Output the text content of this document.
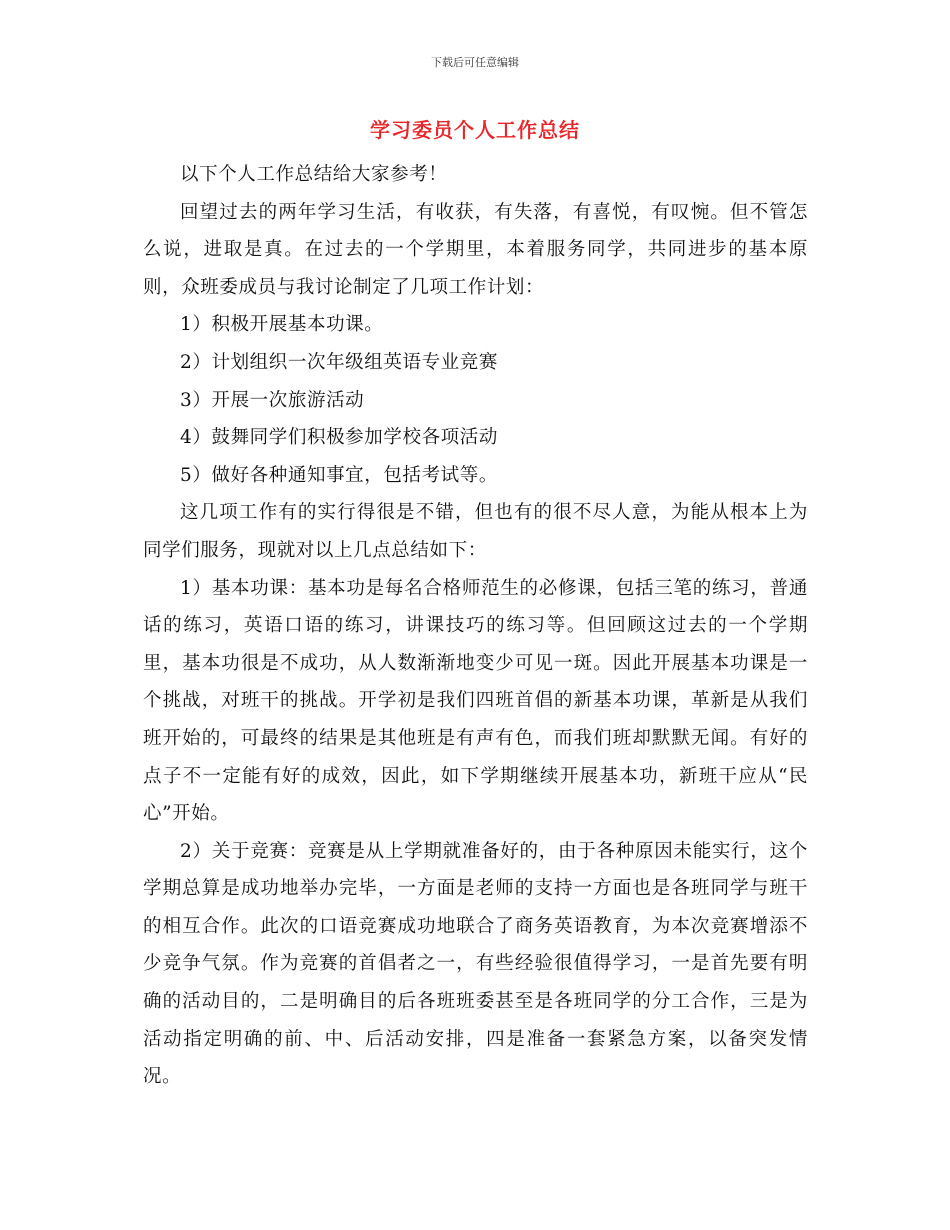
下载后可任意编辑
学习委员个人工作总结

以下个人工作总结给大家参考！

回望过去的两年学习生活，有收获，有失落，有喜悦，有叹惋。但不管怎么说，进取是真。在过去的一个学期里，本着服务同学，共同进步的基本原则，众班委成员与我讨论制定了几项工作计划：

1）积极开展基本功课。

2）计划组织一次年级组英语专业竞赛

3）开展一次旅游活动

4）鼓舞同学们积极参加学校各项活动

5）做好各种通知事宜，包括考试等。

这几项工作有的实行得很是不错，但也有的很不尽人意，为能从根本上为同学们服务，现就对以上几点总结如下：

1）基本功课：基本功是每名合格师范生的必修课，包括三笔的练习，普通话的练习，英语口语的练习，讲课技巧的练习等。但回顾这过去的一个学期里，基本功很是不成功，从人数渐渐地变少可见一斑。因此开展基本功课是一个挑战，对班干的挑战。开学初是我们四班首倡的新基本功课，革新是从我们班开始的，可最终的结果是其他班是有声有色，而我们班却默默无闻。有好的点子不一定能有好的成效，因此，如下学期继续开展基本功，新班干应从“民心”开始。

2）关于竞赛：竞赛是从上学期就准备好的，由于各种原因未能实行，这个学期总算是成功地举办完毕，一方面是老师的支持一方面也是各班同学与班干的相互合作。此次的口语竞赛成功地联合了商务英语教育，为本次竞赛增添不少竞争气氛。作为竞赛的首倡者之一，有些经验很值得学习，一是首先要有明确的活动目的，二是明确目的后各班班委甚至是各班同学的分工合作，三是为活动指定明确的前、中、后活动安排，四是准备一套紧急方案，以备突发情况。
